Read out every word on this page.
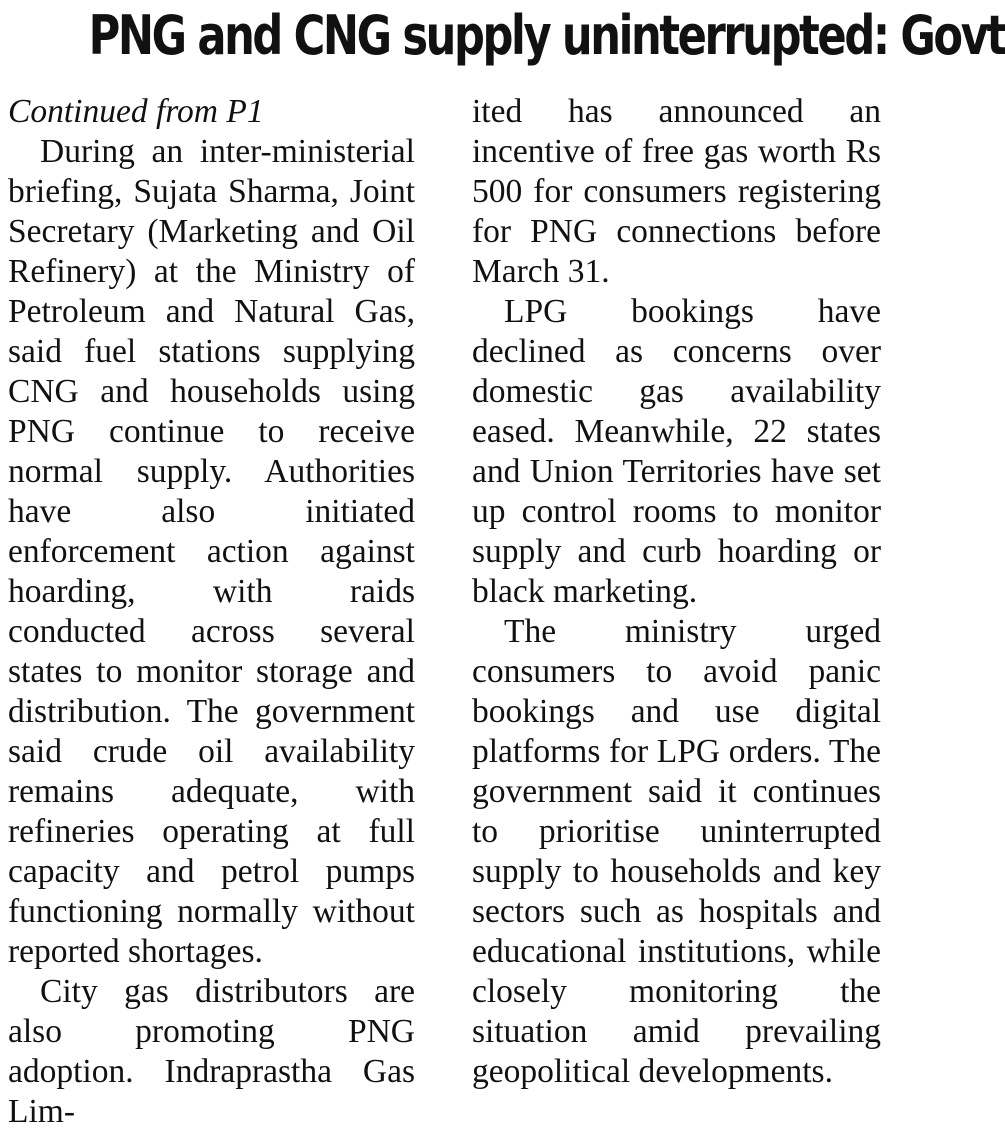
PNG and CNG supply uninterrupted: Govt

Continued from P1

During an inter-ministerial briefing, Sujata Sharma, Joint Secretary (Marketing and Oil Refinery) at the Ministry of Petroleum and Natural Gas, said fuel stations supplying CNG and households using PNG continue to receive normal supply. Authorities have also initiated enforcement action against hoarding, with raids conducted across several states to monitor storage and distribution. The government said crude oil availability remains adequate, with refineries operating at full capacity and petrol pumps functioning normally without reported shortages.

City gas distributors are also promoting PNG adoption. Indraprastha Gas Lim-

ited has announced an incentive of free gas worth Rs 500 for consumers registering for PNG connections before March 31.

LPG bookings have declined as concerns over domestic gas availability eased. Meanwhile, 22 states and Union Territories have set up control rooms to monitor supply and curb hoarding or black marketing.

The ministry urged consumers to avoid panic bookings and use digital platforms for LPG orders. The government said it continues to prioritise uninterrupted supply to households and key sectors such as hospitals and educational institutions, while closely monitoring the situation amid prevailing geopolitical developments.
